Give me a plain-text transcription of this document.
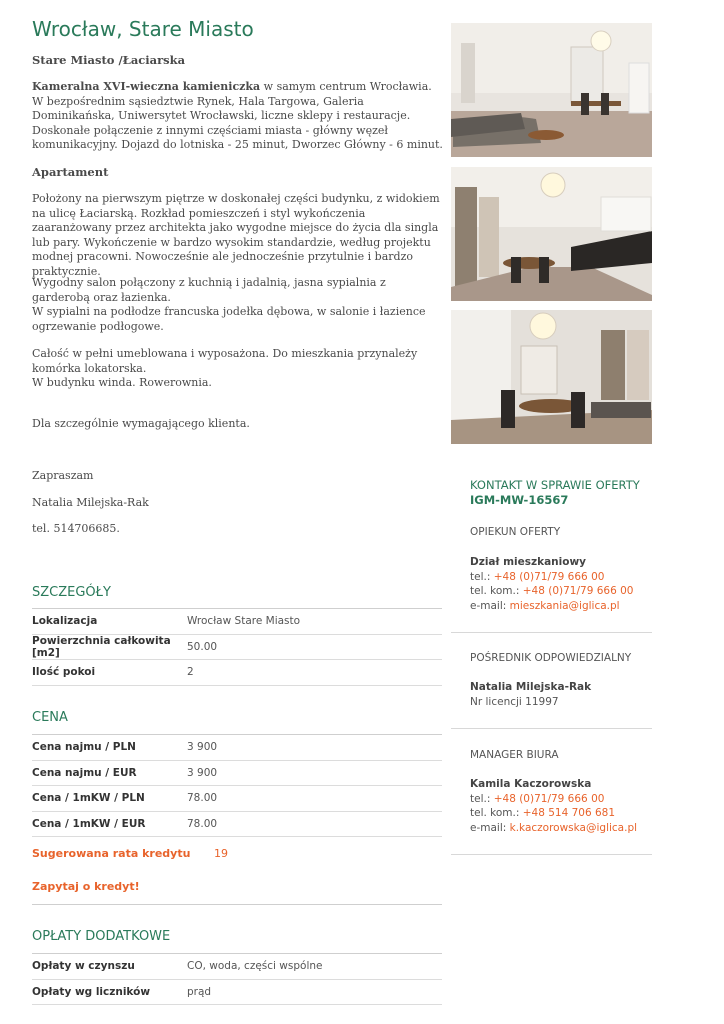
Wrocław, Stare Miasto
Stare Miasto /Łaciarska
Kameralna XVI-wieczna kamieniczka w samym centrum Wrocławia. W bezpośrednim sąsiedztwie Rynek, Hala Targowa, Galeria Dominikańska, Uniwersytet Wrocławski, liczne sklepy i restauracje. Doskonałe połączenie z innymi częściami miasta - główny węzeł komunikacyjny. Dojazd do lotniska - 25 minut, Dworzec Główny - 6 minut.
Apartament
Położony na pierwszym piętrze w doskonałej części budynku, z widokiem na ulicę Łaciarską. Rozkład pomieszczeń i styl wykończenia zaaranżowany przez architekta jako wygodne miejsce do życia dla singla lub pary. Wykończenie w bardzo wysokim standardzie, według projektu modnej pracowni. Nowocześnie ale jednocześnie przytulnie i bardzo praktycznie.
Wygodny salon połączony z kuchnią i jadalnią, jasna sypialnia z garderobą oraz łazienka.
W sypialni na podłodze francuska jodełka dębowa, w salonie i łazience ogrzewanie podłogowe.
Całość w pełni umeblowana i wyposażona. Do mieszkania przynależy komórka lokatorska.
W budynku winda. Rowerownia.
Dla szczególnie wymagającego klienta.
Zapraszam
Natalia Milejska-Rak
tel. 514706685.
SZCZEGÓŁY
Lokalizacja	Wrocław Stare Miasto
Powierzchnia całkowita [m2]	50.00
Ilość pokoi	2
CENA
Cena najmu / PLN	3 900
Cena najmu / EUR	3 900
Cena / 1mKW / PLN	78.00
Cena / 1mKW / EUR	78.00
Sugerowana rata kredytu 19
Zapytaj o kredyt!
OPŁATY DODATKOWE
Opłaty w czynszu	CO, woda, części wspólne
Opłaty wg liczników	prąd
KONTAKT W SPRAWIE OFERTY
IGM-MW-16567
OPIEKUN OFERTY
Dział mieszkaniowy
tel.: +48 (0)71/79 666 00
tel. kom.: +48 (0)71/79 666 00
e-mail: mieszkania@iglica.pl
POŚREDNIK ODPOWIEDZIALNY
Natalia Milejska-Rak
Nr licencji 11997
MANAGER BIURA
Kamila Kaczorowska
tel.: +48 (0)71/79 666 00
tel. kom.: +48 514 706 681
e-mail: k.kaczorowska@iglica.pl
